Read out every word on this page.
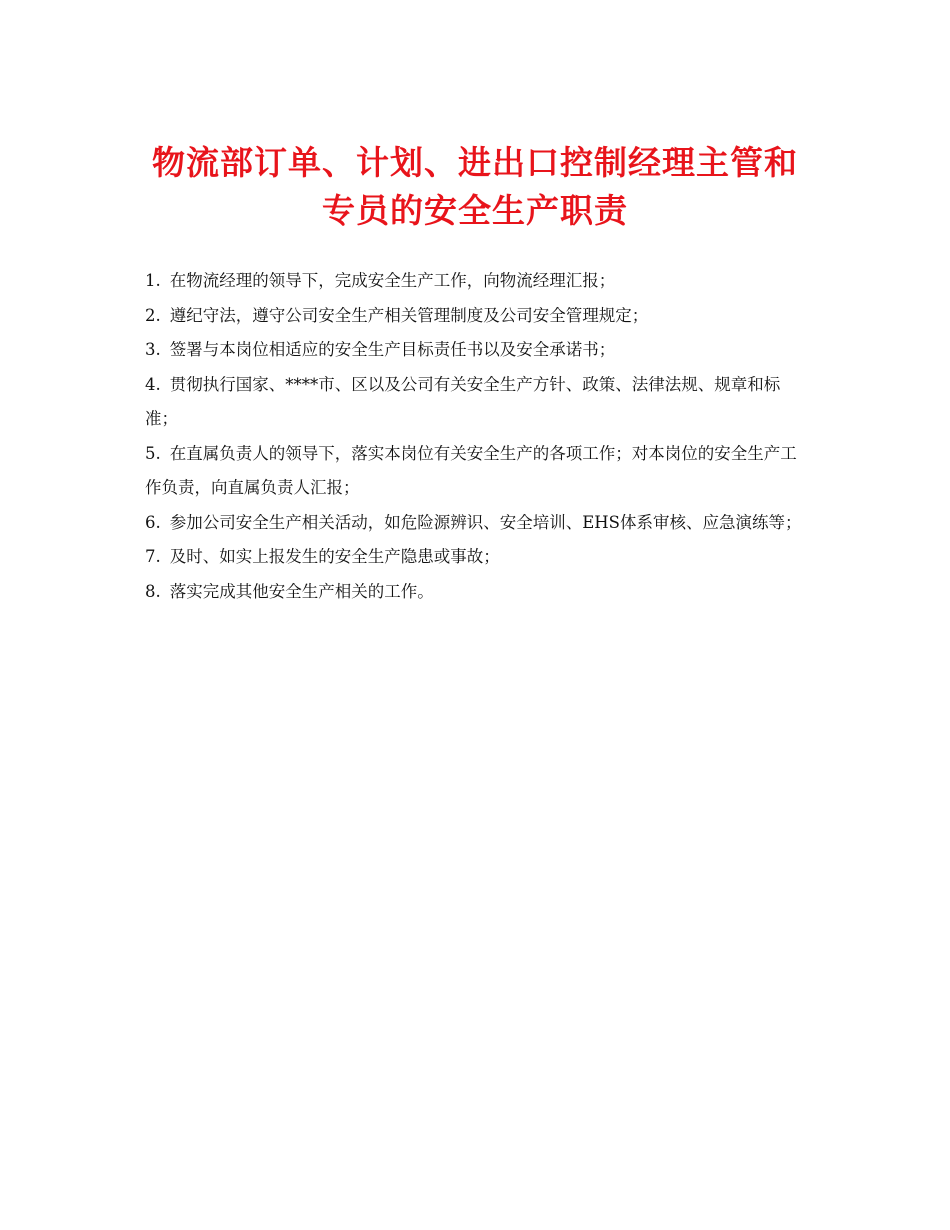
物流部订单、计划、进出口控制经理主管和
专员的安全生产职责

1. 在物流经理的领导下，完成安全生产工作，向物流经理汇报；

2. 遵纪守法，遵守公司安全生产相关管理制度及公司安全管理规定；

3. 签署与本岗位相适应的安全生产目标责任书以及安全承诺书；

4. 贯彻执行国家、****市、区以及公司有关安全生产方针、政策、法律法规、规章和标准；

5. 在直属负责人的领导下，落实本岗位有关安全生产的各项工作；对本岗位的安全生产工作负责，向直属负责人汇报；

6. 参加公司安全生产相关活动，如危险源辨识、安全培训、EHS体系审核、应急演练等；

7. 及时、如实上报发生的安全生产隐患或事故；

8. 落实完成其他安全生产相关的工作。
